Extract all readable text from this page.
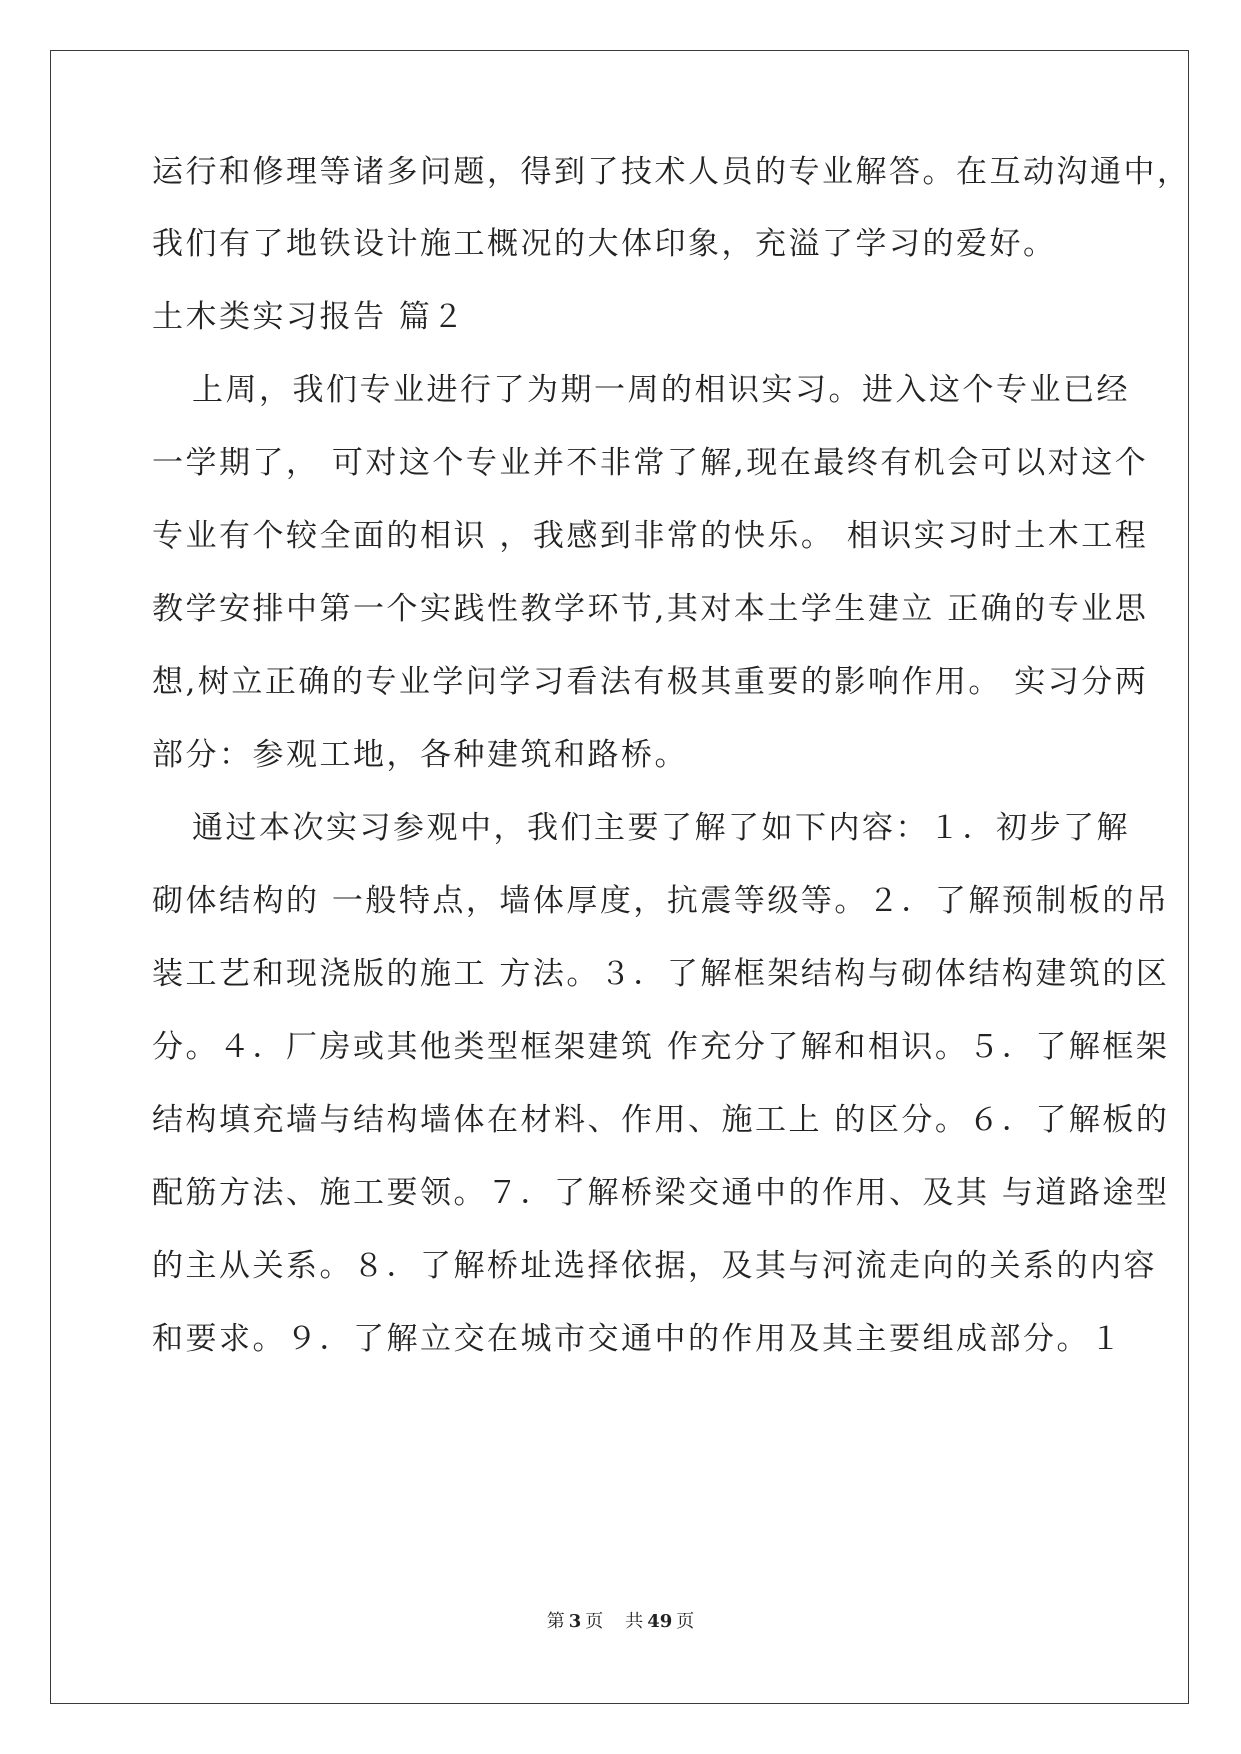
运行和修理等诸多问题，得到了技术人员的专业解答。在互动沟通中，
我们有了地铁设计施工概况的大体印象，充溢了学习的爱好。
土木类实习报告 篇２
上周，我们专业进行了为期一周的相识实习。进入这个专业已经
一学期了， 可对这个专业并不非常了解,现在最终有机会可以对这个
专业有个较全面的相识 ，我感到非常的快乐。 相识实习时土木工程
教学安排中第一个实践性教学环节,其对本土学生建立 正确的专业思
想,树立正确的专业学问学习看法有极其重要的影响作用。 实习分两
部分：参观工地，各种建筑和路桥。
通过本次实习参观中，我们主要了解了如下内容：１．初步了解
砌体结构的 一般特点，墙体厚度，抗震等级等。２．了解预制板的吊
装工艺和现浇版的施工 方法。３．了解框架结构与砌体结构建筑的区
分。４．厂房或其他类型框架建筑 作充分了解和相识。５．了解框架
结构填充墙与结构墙体在材料、作用、施工上 的区分。６．了解板的
配筋方法、施工要领。７．了解桥梁交通中的作用、及其 与道路途型
的主从关系。８．了解桥址选择依据，及其与河流走向的关系的内容
和要求。９．了解立交在城市交通中的作用及其主要组成部分。１
第 3 页 共 49 页
